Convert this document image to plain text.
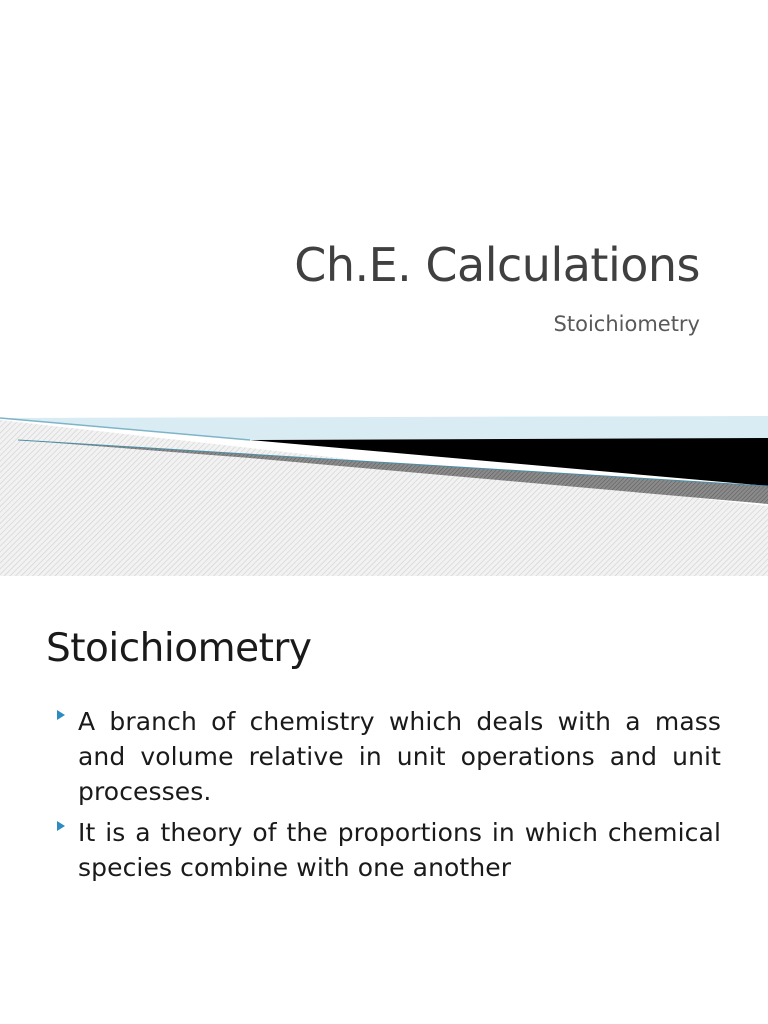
Ch.E. Calculations

Stoichiometry

Stoichiometry
A branch of chemistry which deals with a mass and volume relative in unit operations and unit processes.
It is a theory of the proportions in which chemical species combine with one another
